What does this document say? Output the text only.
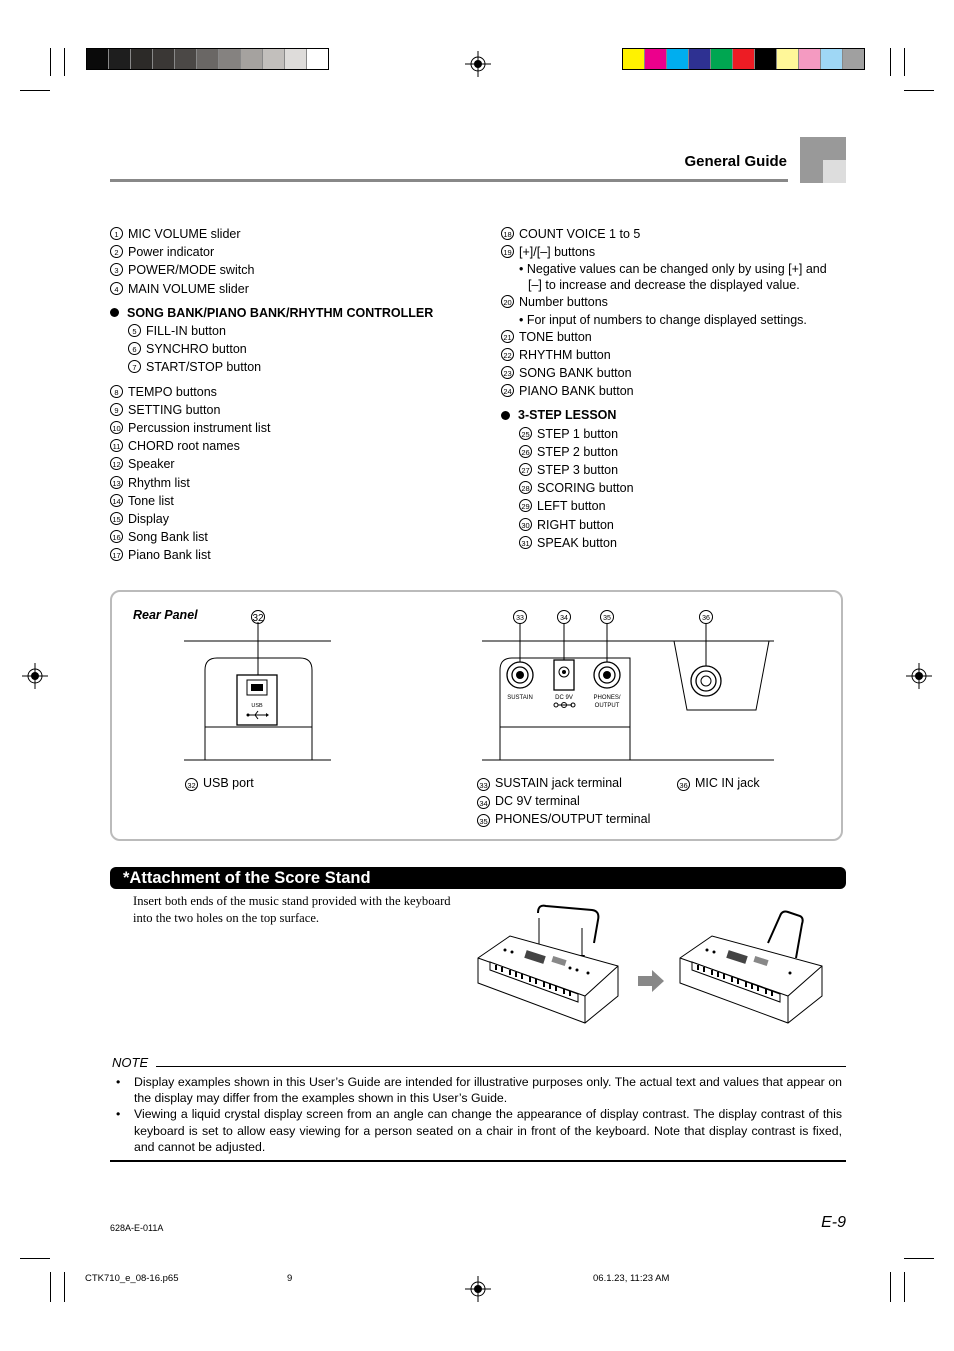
General Guide
1 MIC VOLUME slider
2 Power indicator
3 POWER/MODE switch
4 MAIN VOLUME slider
SONG BANK/PIANO BANK/RHYTHM CONTROLLER
5 FILL-IN button
6 SYNCHRO button
7 START/STOP button
8 TEMPO buttons
9 SETTING button
10 Percussion instrument list
11 CHORD root names
12 Speaker
13 Rhythm list
14 Tone list
15 Display
16 Song Bank list
17 Piano Bank list
18 COUNT VOICE 1 to 5
19 [+]/[–] buttons
• Negative values can be changed only by using [+] and
[–] to increase and decrease the displayed value.
20 Number buttons
• For input of numbers to change displayed settings.
21 TONE button
22 RHYTHM button
23 SONG BANK button
24 PIANO BANK button
3-STEP LESSON
25 STEP 1 button
26 STEP 2 button
27 STEP 3 button
28 SCORING button
29 LEFT button
30 RIGHT button
31 SPEAK button
Rear Panel
USB
32
SUSTAIN	DC 9V	PHONES/
OUTPUT
33	34	35	36
32 USB port	33 SUSTAIN jack terminal
34 DC 9V terminal
35 PHONES/OUTPUT terminal
36 MIC IN jack
*Attachment of the Score Stand
Insert both ends of the music stand provided with the keyboard into the two holes on the top surface.
NOTE
•	Display examples shown in this User’s Guide are intended for illustrative purposes only. The actual text and values that appear on the display may differ from the examples shown in this User’s Guide.
•	Viewing a liquid crystal display screen from an angle can change the appearance of display contrast. The display contrast of this keyboard is set to allow easy viewing for a person seated on a chair in front of the keyboard. Note that display contrast is fixed, and cannot be adjusted.
628A-E-011A	E-9
CTK710_e_08-16.p65	9	06.1.23, 11:23 AM
